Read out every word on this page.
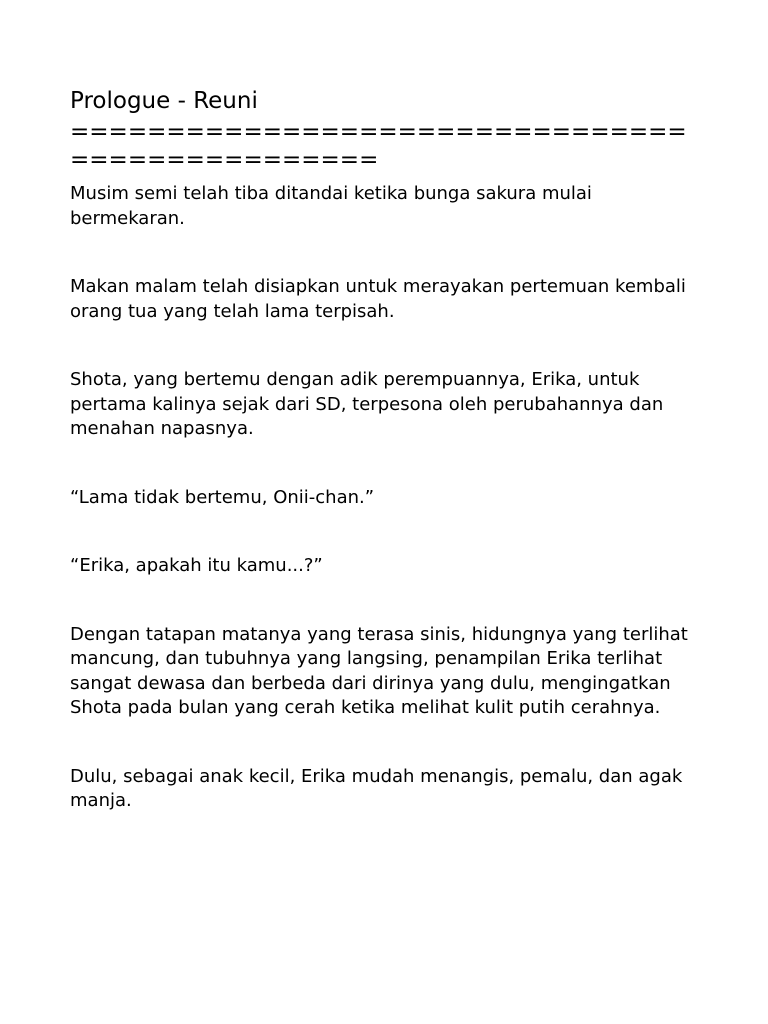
Prologue - Reuni
================================
================

Musim semi telah tiba ditandai ketika bunga sakura mulai bermekaran.

Makan malam telah disiapkan untuk merayakan pertemuan kembali orang tua yang telah lama terpisah.

Shota, yang bertemu dengan adik perempuannya, Erika, untuk pertama kalinya sejak dari SD, terpesona oleh perubahannya dan menahan napasnya.

“Lama tidak bertemu, Onii-chan.”

“Erika, apakah itu kamu...?”

Dengan tatapan matanya yang terasa sinis, hidungnya yang terlihat mancung, dan tubuhnya yang langsing, penampilan Erika terlihat sangat dewasa dan berbeda dari dirinya yang dulu, mengingatkan Shota pada bulan yang cerah ketika melihat kulit putih cerahnya.

Dulu, sebagai anak kecil, Erika mudah menangis, pemalu, dan agak manja.
